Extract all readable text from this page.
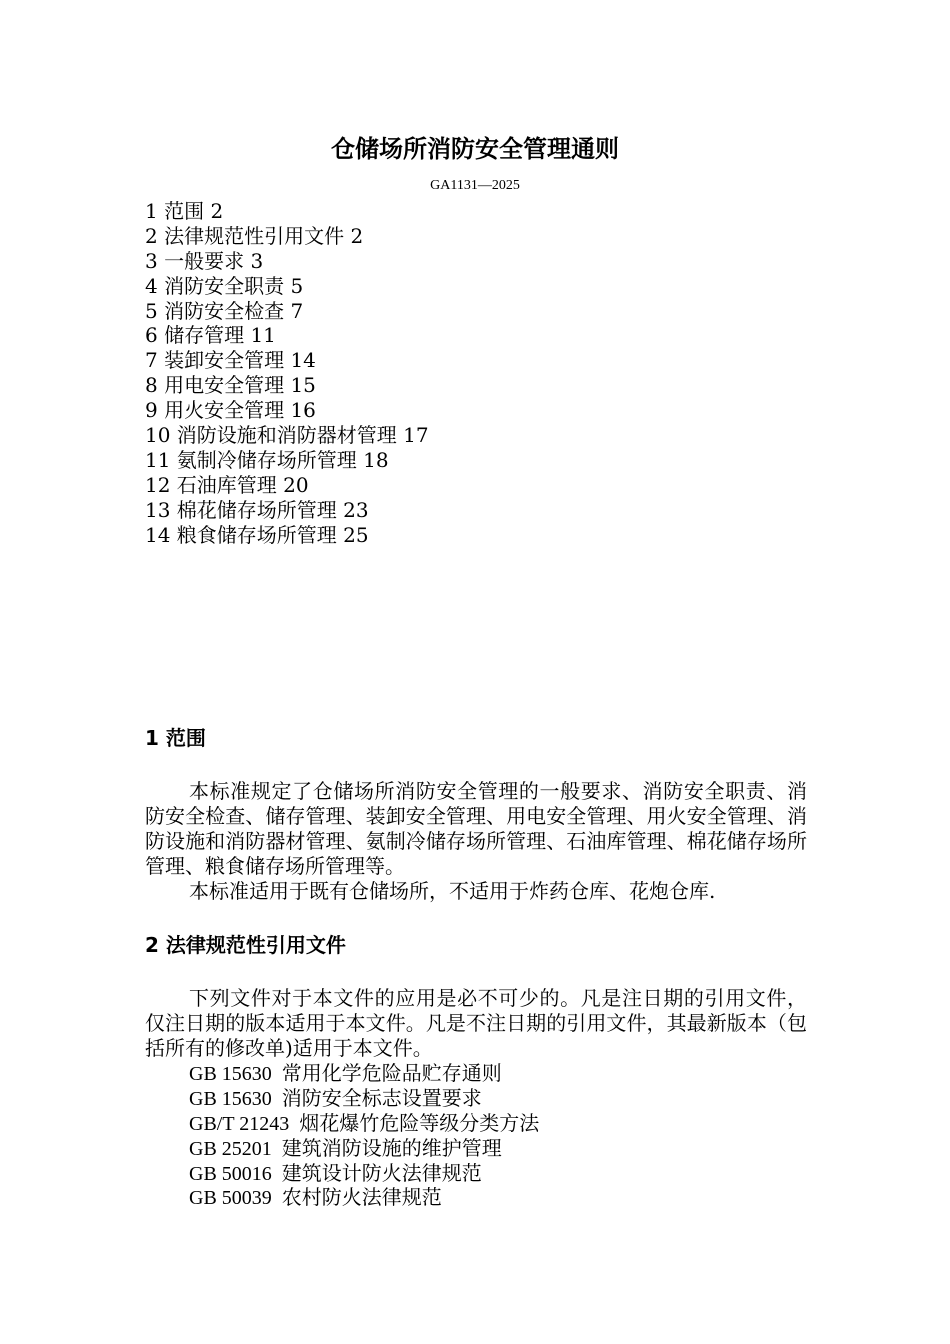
仓储场所消防安全管理通则
GA1131—2025
1 范围 2
2 法律规范性引用文件 2
3 一般要求 3
4 消防安全职责 5
5 消防安全检查 7
6 储存管理 11
7 装卸安全管理 14
8 用电安全管理 15
9 用火安全管理 16
10 消防设施和消防器材管理 17
11 氨制冷储存场所管理 18
12 石油库管理 20
13 棉花储存场所管理 23
14 粮食储存场所管理 25
1 范围
本标准规定了仓储场所消防安全管理的一般要求、消防安全职责、消防安全检查、储存管理、装卸安全管理、用电安全管理、用火安全管理、消防设施和消防器材管理、氨制冷储存场所管理、石油库管理、棉花储存场所管理、粮食储存场所管理等。
本标准适用于既有仓储场所，不适用于炸药仓库、花炮仓库.
2 法律规范性引用文件
下列文件对于本文件的应用是必不可少的。凡是注日期的引用文件，仅注日期的版本适用于本文件。凡是不注日期的引用文件，其最新版本（包括所有的修改单)适用于本文件。
GB 15630 常用化学危险品贮存通则
GB 15630 消防安全标志设置要求
GB/T 21243 烟花爆竹危险等级分类方法
GB 25201 建筑消防设施的维护管理
GB 50016 建筑设计防火法律规范
GB 50039 农村防火法律规范
